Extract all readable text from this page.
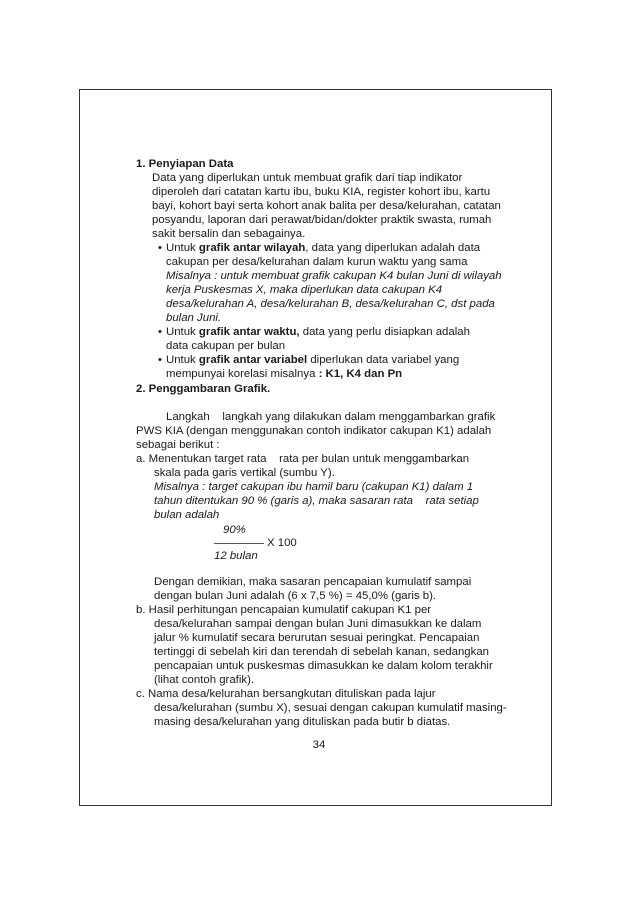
1. Penyiapan Data
Data yang diperlukan untuk membuat grafik dari tiap indikator
diperoleh dari catatan kartu ibu, buku KIA, register kohort ibu, kartu
bayi, kohort bayi serta kohort anak balita per desa/kelurahan, catatan
posyandu, laporan dari perawat/bidan/dokter praktik swasta, rumah
sakit bersalin dan sebagainya.
• Untuk grafik antar wilayah, data yang diperlukan adalah data
cakupan per desa/kelurahan dalam kurun waktu yang sama
Misalnya : untuk membuat grafik cakupan K4 bulan Juni di wilayah
kerja Puskesmas X, maka diperlukan data cakupan K4
desa/kelurahan A, desa/kelurahan B, desa/kelurahan C, dst pada
bulan Juni.
• Untuk grafik antar waktu, data yang perlu disiapkan adalah
data cakupan per bulan
• Untuk grafik antar variabel diperlukan data variabel yang
mempunyai korelasi misalnya : K1, K4 dan Pn
2. Penggambaran Grafik.
Langkah    langkah yang dilakukan dalam menggambarkan grafik
PWS KIA (dengan menggunakan contoh indikator cakupan K1) adalah
sebagai berikut :
a. Menentukan target rata    rata per bulan untuk menggambarkan
skala pada garis vertikal (sumbu Y).
Misalnya : target cakupan ibu hamil baru (cakupan K1) dalam 1
tahun ditentukan 90 % (garis a), maka sasaran rata    rata setiap
bulan adalah
90%
X 100
12 bulan
Dengan demikian, maka sasaran pencapaian kumulatif sampai
dengan bulan Juni adalah (6 x 7,5 %) = 45,0% (garis b).
b. Hasil perhitungan pencapaian kumulatif cakupan K1 per
desa/kelurahan sampai dengan bulan Juni dimasukkan ke dalam
jalur % kumulatif secara berurutan sesuai peringkat. Pencapaian
tertinggi di sebelah kiri dan terendah di sebelah kanan, sedangkan
pencapaian untuk puskesmas dimasukkan ke dalam kolom terakhir
(lihat contoh grafik).
c. Nama desa/kelurahan bersangkutan dituliskan pada lajur
desa/kelurahan (sumbu X), sesuai dengan cakupan kumulatif masing-
masing desa/kelurahan yang dituliskan pada butir b diatas.
34
